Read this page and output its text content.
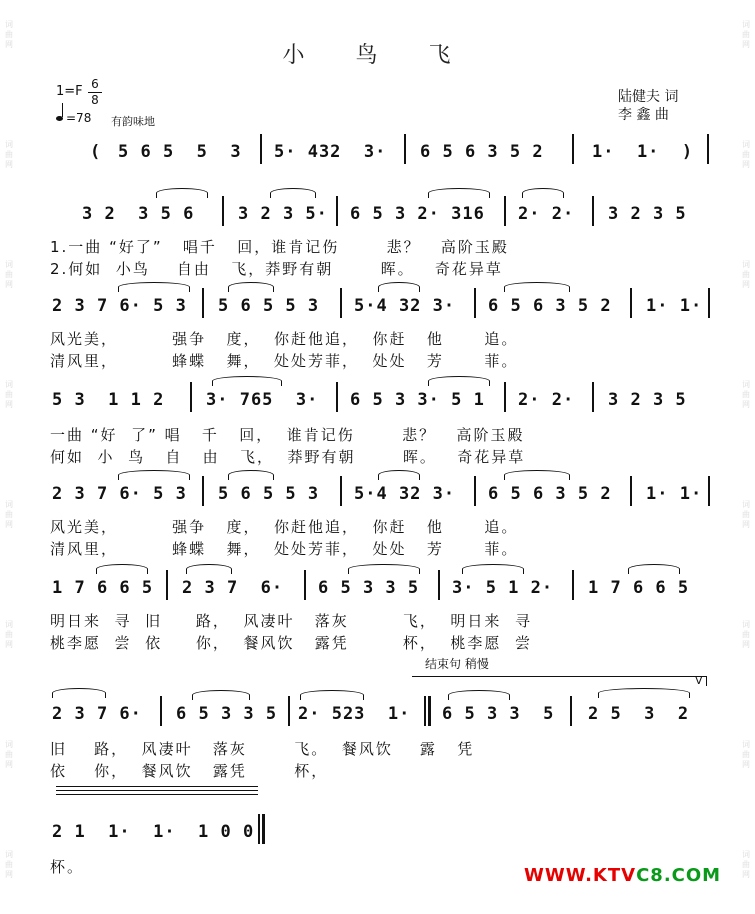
词曲网
词曲网
词曲网
词曲网
词曲网
词曲网
词曲网
词曲网
词曲网
词曲网
词曲网
词曲网
词曲网
词曲网
词曲网
词曲网
小 鸟 飞
1=F 6
8
=78 有韵味地
陆健夫 词
李 鑫 曲
( 5 6 5  5  3 5· 432  3· 6 5 6 3 5 2	1·  1·  )
3 2  3 5 6	3 2 3 5· 6 5 3 2· 316 2· 2· 3 2 3 5
1.一曲 “好了”   唱千   回，谁肯记伤       悲？   高阶玉殿
2.何如  小鸟    自由   飞，莽野有朝       晖。   奇花异草
2 3 7 6· 5 3 5 6 5 5 3 5·4 32 3· 6 5 6 3 5 2 1· 1·
风光美，        强争   度，  你赶他追，  你赶   他      追。
清风里，        蜂蝶   舞，  处处芳菲，  处处   芳      菲。
5 3  1 1 2 3· 765  3· 6 5 3 3· 5 1 2· 2· 3 2 3 5
一曲 “好  了” 唱   千   回，  谁肯记伤       悲？   高阶玉殿
何如  小  鸟   自   由   飞，  莽野有朝       晖。   奇花异草
2 3 7 6· 5 3 5 6 5 5 3 5·4 32 3· 6 5 6 3 5 2 1· 1·
风光美，        强争   度，  你赶他追，  你赶   他      追。
清风里，        蜂蝶   舞，  处处芳菲，  处处   芳      菲。
1 7 6 6 5 2 3 7  6· 6 5 3 3 5 3· 5 1 2· 1 7 6 6 5
明日来  寻  旧     路，  风凄叶   落灰        飞，  明日来  寻
桃李愿  尝  依     你，  餐风饮   露凭        杯，  桃李愿  尝
结束句 稍慢
V
2 3 7 6· 6 5 3 3 5 2· 523  1· 6 5 3 3  5 2 5  3  2
旧    路，  风凄叶   落灰       飞。  餐风饮    露   凭
依    你，  餐风饮   露凭       杯，
2 1  1·  1·  1 0 0
杯。	WWW.KTVC8.COM
